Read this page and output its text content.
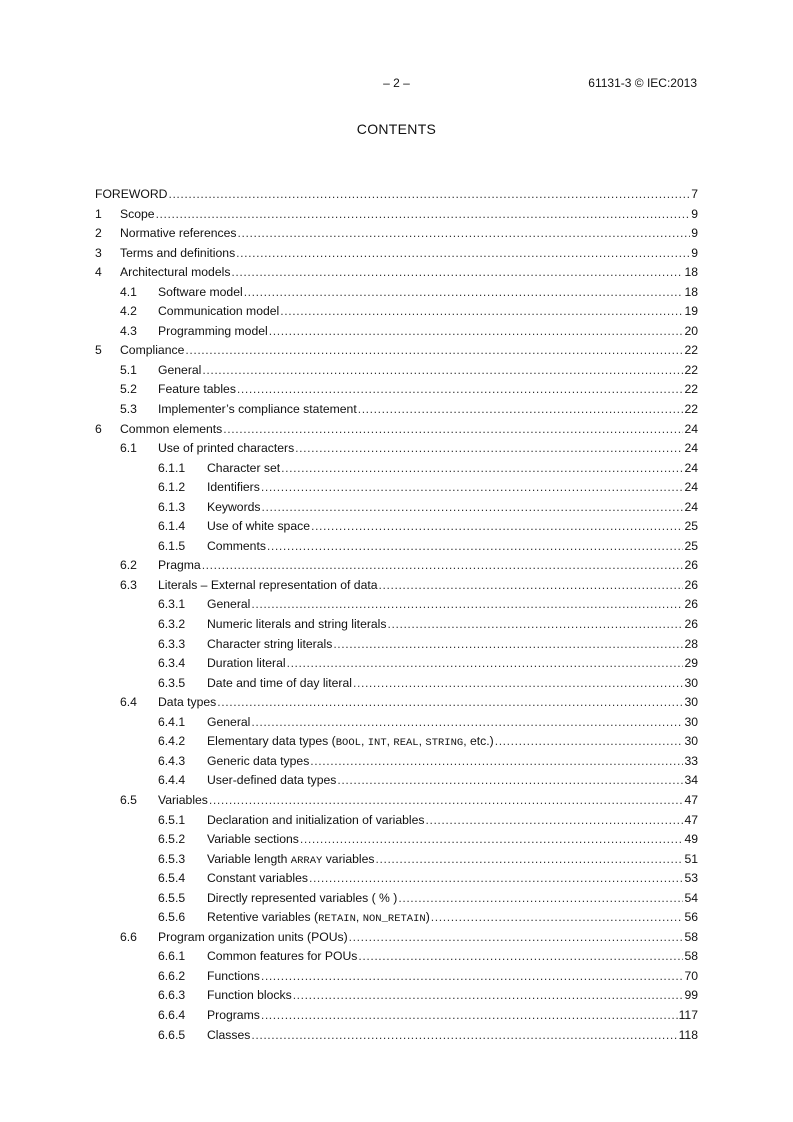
– 2 –	61131-3 © IEC:2013
CONTENTS
FOREWORD .....	7
1	Scope .....	9
2	Normative references .....	9
3	Terms and definitions .....	9
4	Architectural models .....	18
4.1	Software model .....	18
4.2	Communication model .....	19
4.3	Programming model .....	20
5	Compliance .....	22
5.1	General .....	22
5.2	Feature tables .....	22
5.3	Implementer’s compliance statement .....	22
6	Common elements .....	24
6.1	Use of printed characters .....	24
6.1.1	Character set .....	24
6.1.2	Identifiers .....	24
6.1.3	Keywords .....	24
6.1.4	Use of white space .....	25
6.1.5	Comments .....	25
6.2	Pragma .....	26
6.3	Literals – External representation of data .....	26
6.3.1	General .....	26
6.3.2	Numeric literals and string literals .....	26
6.3.3	Character string literals .....	28
6.3.4	Duration literal .....	29
6.3.5	Date and time of day literal .....	30
6.4	Data types .....	30
6.4.1	General .....	30
6.4.2	Elementary data types (BOOL, INT, REAL, STRING, etc.) .....	30
6.4.3	Generic data types .....	33
6.4.4	User-defined data types .....	34
6.5	Variables .....	47
6.5.1	Declaration and initialization of variables .....	47
6.5.2	Variable sections .....	49
6.5.3	Variable length ARRAY variables .....	51
6.5.4	Constant variables .....	53
6.5.5	Directly represented variables ( % ) .....	54
6.5.6	Retentive variables (RETAIN, NON_RETAIN) .....	56
6.6	Program organization units (POUs) .....	58
6.6.1	Common features for POUs .....	58
6.6.2	Functions .....	70
6.6.3	Function blocks .....	99
6.6.4	Programs .....	117
6.6.5	Classes .....	118
